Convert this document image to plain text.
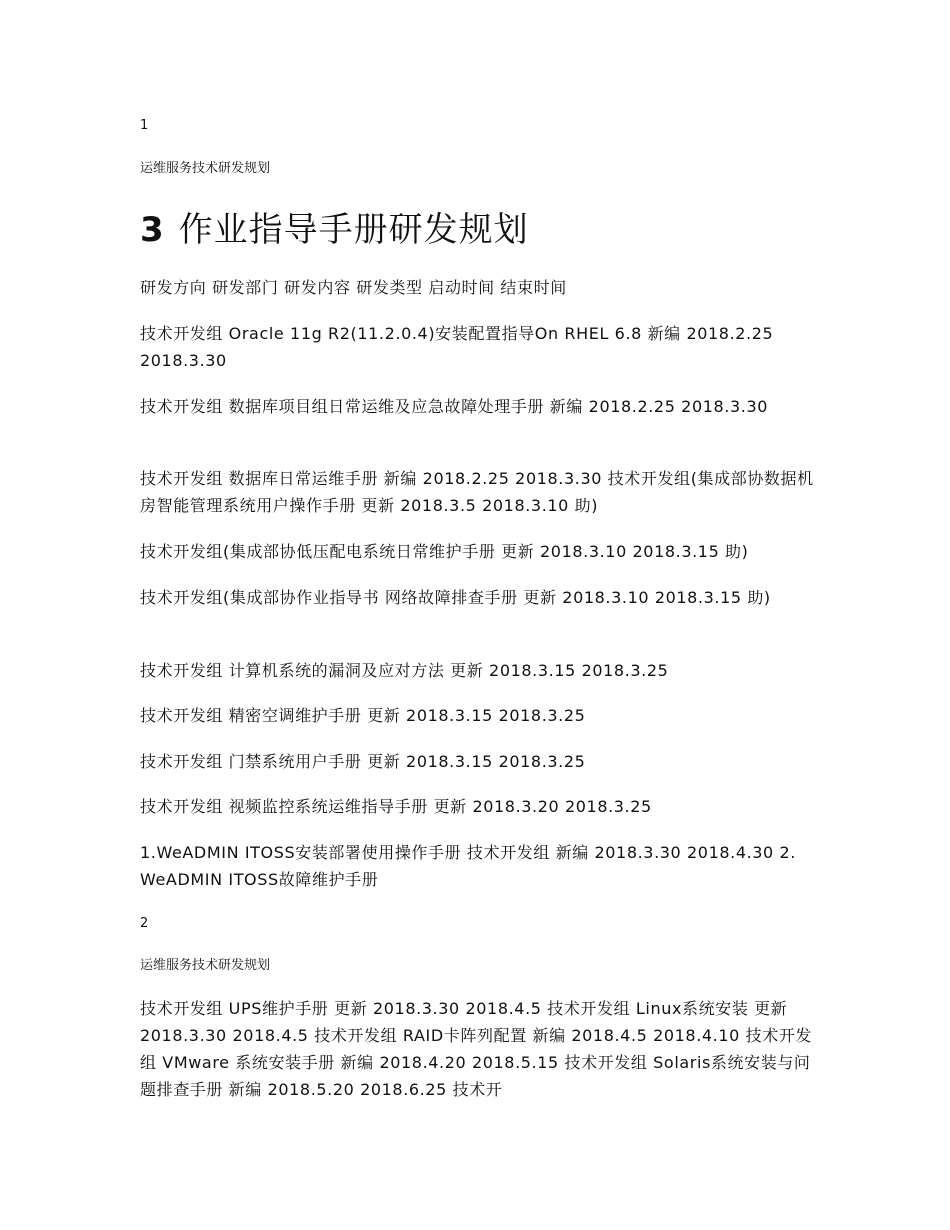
1
运维服务技术研发规划
3 作业指导手册研发规划

研发方向 研发部门 研发内容 研发类型 启动时间 结束时间

技术开发组 Oracle 11g R2(11.2.0.4)安装配置指导On RHEL 6.8 新编 2018.2.25 2018.3.30

技术开发组 数据库项目组日常运维及应急故障处理手册 新编 2018.2.25 2018.3.30

技术开发组 数据库日常运维手册 新编 2018.2.25 2018.3.30 技术开发组(集成部协数据机房智能管理系统用户操作手册 更新 2018.3.5 2018.3.10 助)

技术开发组(集成部协低压配电系统日常维护手册 更新 2018.3.10 2018.3.15 助)

技术开发组(集成部协作业指导书 网络故障排查手册 更新 2018.3.10 2018.3.15 助)

技术开发组 计算机系统的漏洞及应对方法 更新 2018.3.15 2018.3.25

技术开发组 精密空调维护手册 更新 2018.3.15 2018.3.25

技术开发组 门禁系统用户手册 更新 2018.3.15 2018.3.25

技术开发组 视频监控系统运维指导手册 更新 2018.3.20 2018.3.25

1.WeADMIN ITOSS安装部署使用操作手册 技术开发组 新编 2018.3.30 2018.4.30 2. WeADMIN ITOSS故障维护手册

2
运维服务技术研发规划

技术开发组 UPS维护手册 更新 2018.3.30 2018.4.5 技术开发组 Linux系统安装 更新 2018.3.30 2018.4.5 技术开发组 RAID卡阵列配置 新编 2018.4.5 2018.4.10 技术开发组 VMware 系统安装手册 新编 2018.4.20 2018.5.15 技术开发组 Solaris系统安装与问题排查手册 新编 2018.5.20 2018.6.25 技术开
